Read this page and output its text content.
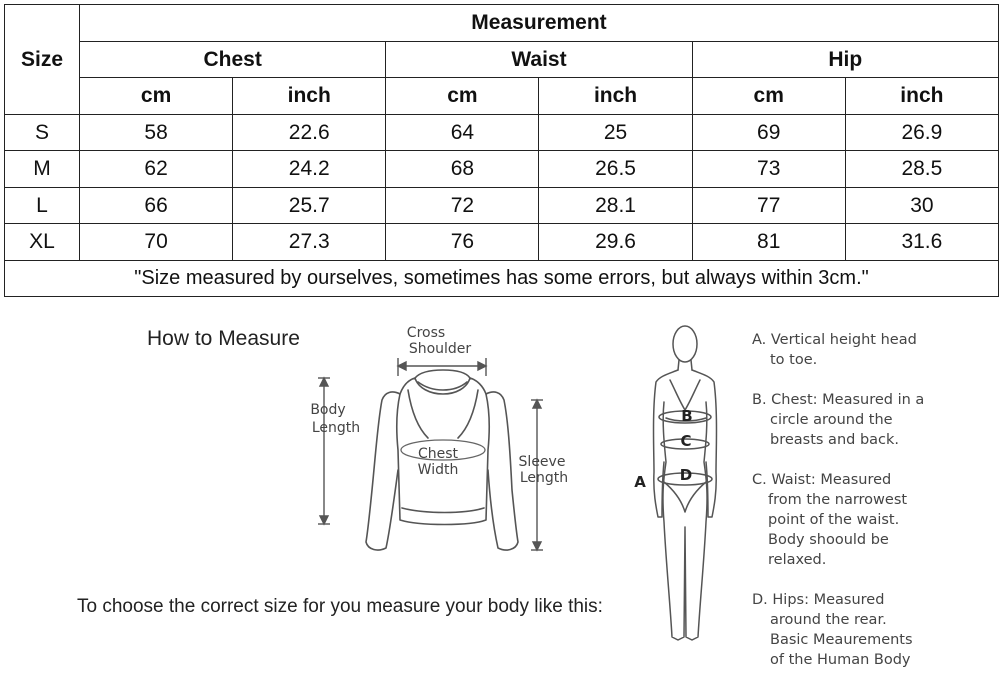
Size	Measurement					
	Chest		Waist		Hip	
	cm	inch	cm	inch	cm	inch
S	58	22.6	64	25	69	26.9
M	62	24.2	68	26.5	73	28.5
L	66	25.7	72	28.1	77	30
XL	70	27.3	76	29.6	81	31.6
"Size measured by ourselves, sometimes has some errors, but always within 3cm."						
How to Measure
To choose the correct size for you measure your body like this:
Cross
Shoulder
Body
Length
Chest
Width	Sleeve
Length	A
B
C
D
A. Vertical height head
to toe.
B. Chest: Measured in a
circle around the
breasts and back.
C. Waist: Measured
from the narrowest
point of the waist.
Body shoould be
relaxed.
D. Hips: Measured
around the rear.
Basic Meaurements
of the Human Body
